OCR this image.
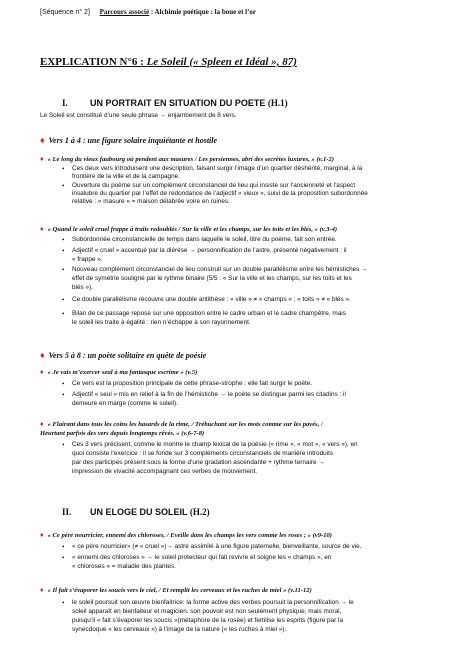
[Séquence n° 2] Parcours associé : Alchimie poétique : la boue et l’or
EXPLICATION N°6 : Le Soleil (« Spleen et Idéal », 87)
I. UN PORTRAIT EN SITUATION DU POETE (H.1)
Le Soleil est constitué d’une seule phrase → enjambement de 8 vers.
♦ Vers 1 à 4 : une figure solaire inquiétante et hostile
♦ « Le long du vieux faubourg où pendent aux masures / Les persiennes, abri des secrètes luxures, » (v.1-2)
• Ces deux vers introduisent une description, faisant surgir l’image d’un quartier déshérité, marginal, à la
frontière de la ville et de la campagne.
• Ouverture du poème sur un complément circonstanciel de lieu qui insiste sur l’ancienneté et l’aspect
insalubre du quartier par l’effet de redondance de l’adjectif « vieux », suivi de la proposition subordonnée
relative : « masure » = maison délabrée voire en ruines.
♦ « Quand le soleil cruel frappe à traits redoublés / Sur la ville et les champs, sur les toits et les blés, » (v.3-4)
• Subordonnée circonstancielle de temps dans laquelle le soleil, titre du poème, fait son entrée.
• Adjectif « cruel » accentué par la diérèse → personnification de l’astre, présenté négativement : il
« frappe ».
• Nouveau complément circonstanciel de lieu construit sur un double parallélisme entre les hémistiches →
effet de symétrie souligné par le rythme binaire (5/5 : « Sur la ville et les champs, sur les toits et les
blés »).
• Ce double parallélisme recouvre une double antithèse : « ville » ≠ « champs » ; « toits » ≠ « blés ».
• Bilan de ce passage repose sur une opposition entre le cadre urbain et le cadre champêtre, mais
le soleil les traite à égalité : rien n’échappe à son rayonnement.
♦ Vers 5 à 8 : un poète solitaire en quête de poésie
♦ « Je vais m’exercer seul à ma fantasque escrime » (v.5)
• Ce vers est la proposition principale de cette phrase-strophe : elle fait surgir le poète.
• Adjectif « seul » mis en relief à la fin de l’hémistiche → le poète se distingue parmi les citadins : il
demeure en marge (comme le soleil).
♦ « Flairant dans tous les coins les hasards de la rime, / Trébuchant sur les mots comme sur les pavés, /
Heurtant parfois des vers depuis longtemps rêvés. » (v.6-7-8)
• Ces 3 vers précisent, comme le montre le champ lexical de la poésie (« rime », « mot », « vers »), en
quoi consiste l’exercice : il se fonde sur 3 compléments circonstanciels de manière introduits
par des participes présent sous la forme d’une gradation ascendante + rythme ternaire →
impression de vivacité accompagnant ces verbes de mouvement.
II. UN ELOGE DU SOLEIL (H.2)
♦ « Ce père nourricier, ennemi des chloroses, / Eveille dans les champs les vers comme les roses ; » (v9-10)
• « ce père nourricier» (≠ « cruel »)→ astre assimilé à une figure paternelle, bienveillante, source de vie.
• « ennemi des chloroses » → le soleil protecteur qui fait revivre et soigne les « champs », en
« chloroses » = maladie des plantes.
♦ « Il fait s’évaporer les soucis vers le ciel, / Et remplit les cerveaux et les ruches de miel » (v.11-12)
• le soleil poursuit son œuvre bienfaitrice: la forme active des verbes poursuit la personnification → le
soleil apparaît en bienfaiteur et magicien. son pouvoir est non seulement physique, mais moral,
puisqu’il « fait s’évaporer les soucis »(métaphore de la rosée) et fertilise les esprits (figure par la
synecdoque « les cerveaux ») à l’image de la nature (« les ruches à miel »).
